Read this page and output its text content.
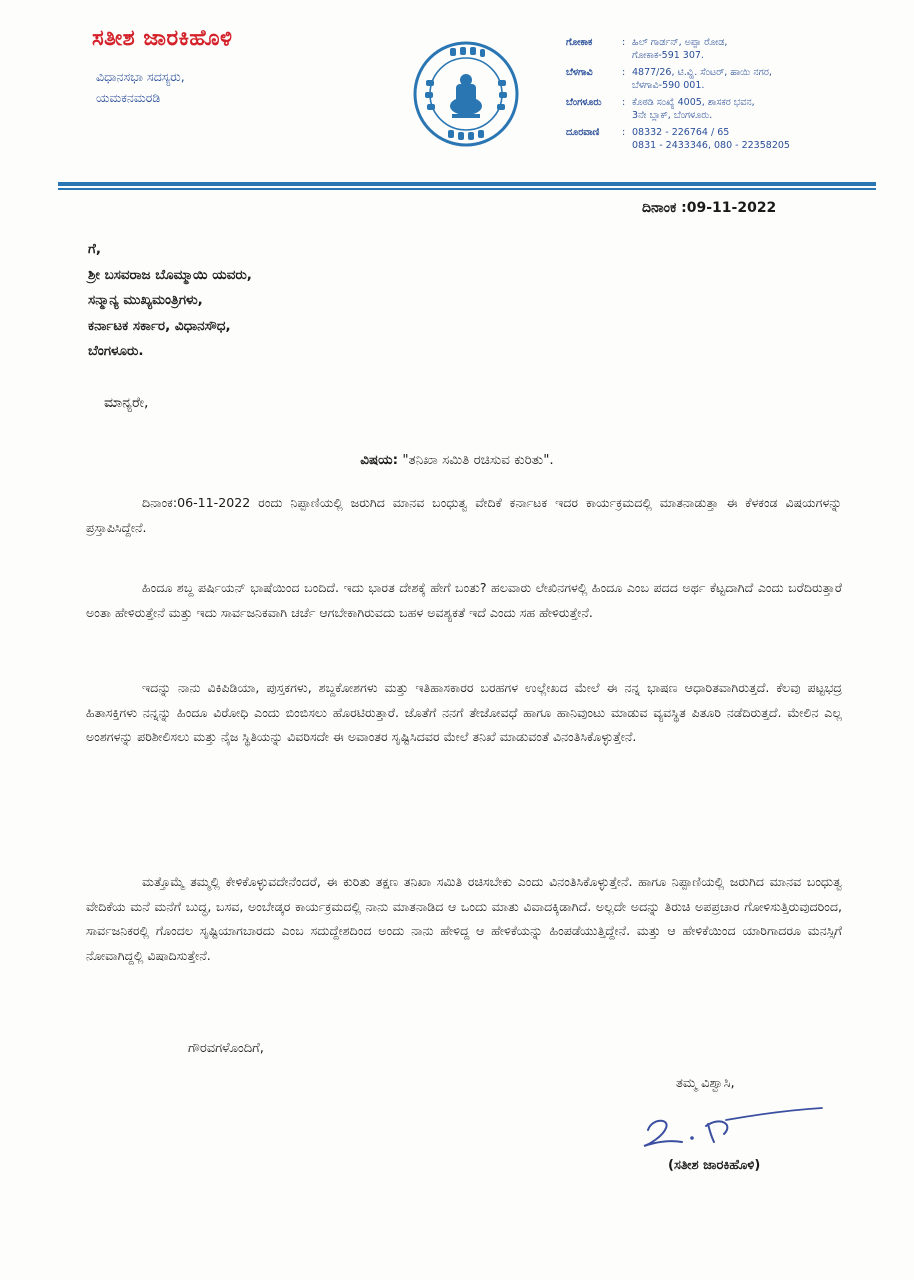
ಸತೀಶ ಜಾರಕಿಹೊಳಿ
ವಿಧಾನಸಭಾ ಸದಸ್ಯರು,
ಯಮಕನಮರಡಿ
ಗೋಕಾಕ	: ಹಿಲ್ ಗಾರ್ಡನ್, ಅಪ್ಪಾ ರೋಡ,
ಗೋಕಾಕ-591 307.
ಬೆಳಗಾವಿ	: 4877/26, ಟಿ.ವ್ಹಿ. ಸೆಂಟರ್, ಹಾಯಿ ನಗರ,
ಬೆಳಗಾವಿ-590 001.
ಬೆಂಗಳೂರು	: ಕೊಠಡಿ ಸಂಖ್ಯೆ 4005, ಶಾಸಕರ ಭವನ,
3ನೇ ಬ್ಲಾಕ್, ಬೆಂಗಳೂರು.
ದೂರವಾಣಿ	: 08332 - 226764 / 65
0831 - 2433346, 080 - 22358205
ದಿನಾಂಕ :09-11-2022
ಗೆ,
ಶ್ರೀ ಬಸವರಾಜ ಬೊಮ್ಮಾಯಿ ಯವರು,
ಸನ್ಮಾನ್ಯ ಮುಖ್ಯಮಂತ್ರಿಗಳು,
ಕರ್ನಾಟಕ ಸರ್ಕಾರ, ವಿಧಾನಸೌಧ,
ಬೆಂಗಳೂರು.
ಮಾನ್ಯರೇ,
ವಿಷಯ: "ತನಿಖಾ ಸಮಿತಿ ರಚಿಸುವ ಕುರಿತು".

ದಿನಾಂಕ:06-11-2022 ರಂದು ನಿಪ್ಪಾಣಿಯಲ್ಲಿ ಜರುಗಿದ ಮಾನವ ಬಂಧುತ್ವ ವೇದಿಕೆ ಕರ್ನಾಟಕ ಇದರ ಕಾರ್ಯಕ್ರಮದಲ್ಲಿ ಮಾತನಾಡುತ್ತಾ ಈ ಕೆಳಕಂಡ ವಿಷಯಗಳನ್ನು ಪ್ರಸ್ತಾಪಿಸಿದ್ದೇನೆ.

ಹಿಂದೂ ಶಬ್ದ ಪರ್ಷಿಯನ್ ಭಾಷೆಯಿಂದ ಬಂದಿದೆ. ಇದು ಭಾರತ ದೇಶಕ್ಕೆ ಹೇಗೆ ಬಂತು? ಹಲವಾರು ಲೇಖಿನಗಳಲ್ಲಿ ಹಿಂದೂ ಎಂಬ ಪದದ ಅರ್ಥ ಕೆಟ್ಟದಾಗಿದೆ ಎಂದು ಬರೆದಿರುತ್ತಾರೆ ಅಂತಾ ಹೇಳಿರುತ್ತೇನೆ ಮತ್ತು ಇದು ಸಾರ್ವಜನಿಕವಾಗಿ ಚರ್ಚೆ ಆಗಬೇಕಾಗಿರುವದು ಬಹಳ ಅವಶ್ಯಕತೆ ಇದೆ ಎಂದು ಸಹ ಹೇಳಿರುತ್ತೇನೆ.

ಇದನ್ನು ನಾನು ವಿಕಿಪಿಡಿಯಾ, ಪುಸ್ತಕಗಳು, ಶಬ್ದಕೋಶಗಳು ಮತ್ತು ಇತಿಹಾಸಕಾರರ ಬರಹಗಳ ಉಲ್ಲೇಖದ ಮೇಲೆ ಈ ನನ್ನ ಭಾಷಣ ಆಧಾರಿತವಾಗಿರುತ್ತದೆ. ಕೆಲವು ಪಟ್ಟಭದ್ರ ಹಿತಾಸಕ್ತಿಗಳು ನನ್ನನ್ನು ಹಿಂದೂ ವಿರೋಧಿ ಎಂದು ಬಿಂಬಿಸಲು ಹೊರಟಿರುತ್ತಾರೆ. ಜೊತೆಗೆ ನನಗೆ ತೇಜೋವಧೆ ಹಾಗೂ ಹಾನಿವುಂಟು ಮಾಡುವ ವ್ಯವಸ್ಥಿತ ಪಿತೂರಿ ನಡೆದಿರುತ್ತದೆ. ಮೇಲಿನ ಎಲ್ಲ ಅಂಶಗಳನ್ನು ಪರಿಶೀಲಿಸಲು ಮತ್ತು ನೈಜ ಸ್ಥಿತಿಯನ್ನು ವಿವರಿಸದೇ ಈ ಅವಾಂತರ ಸೃಷ್ಟಿಸಿದವರ ಮೇಲೆ ತನಿಖೆ ಮಾಡುವಂತೆ ವಿನಂತಿಸಿಕೊಳ್ಳುತ್ತೇನೆ.

ಮತ್ತೊಮ್ಮೆ ತಮ್ಮಲ್ಲಿ ಕೇಳಿಕೊಳ್ಳುವದೇನೆಂದರೆ, ಈ ಕುರಿತು ತಕ್ಷಣ ತನಿಖಾ ಸಮಿತಿ ರಚಿಸಬೇಕು ಎಂದು ವಿನಂತಿಸಿಕೊಳ್ಳುತ್ತೇನೆ. ಹಾಗೂ ನಿಪ್ಪಾಣಿಯಲ್ಲಿ ಜರುಗಿದ ಮಾನವ ಬಂಧುತ್ವ ವೇದಿಕೆಯ ಮನೆ ಮನೆಗೆ ಬುದ್ಧ, ಬಸವ, ಅಂಬೇಡ್ಕರ ಕಾರ್ಯಕ್ರಮದಲ್ಲಿ ನಾನು ಮಾತನಾಡಿದ ಆ ಒಂದು ಮಾತು ವಿವಾದಕ್ಕಿಡಾಗಿದೆ. ಅಲ್ಲದೇ ಅದನ್ನು ತಿರುಚಿ ಅಪಪ್ರಚಾರ ಗೋಳಿಸುತ್ತಿರುವುದರಿಂದ, ಸಾರ್ವಜನಿಕರಲ್ಲಿ ಗೊಂದಲ ಸೃಷ್ಟಿಯಾಗಬಾರದು ಎಂಬ ಸದುದ್ದೇಶದಿಂದ ಅಂದು ನಾನು ಹೇಳಿದ್ದ ಆ ಹೇಳಿಕೆಯನ್ನು ಹಿಂಪಡೆಯುತ್ತಿದ್ದೇನೆ. ಮತ್ತು ಆ ಹೇಳಿಕೆಯಿಂದ ಯಾರಿಗಾದರೂ ಮನಸ್ಸಿಗೆ ನೋವಾಗಿದ್ದಲ್ಲಿ ವಿಷಾದಿಸುತ್ತೇನೆ.

ಗೌರವಗಳೊಂದಿಗೆ,
ತಮ್ಮ ವಿಶ್ವಾಸಿ,
(ಸತೀಶ ಜಾರಕಿಹೊಳಿ)
